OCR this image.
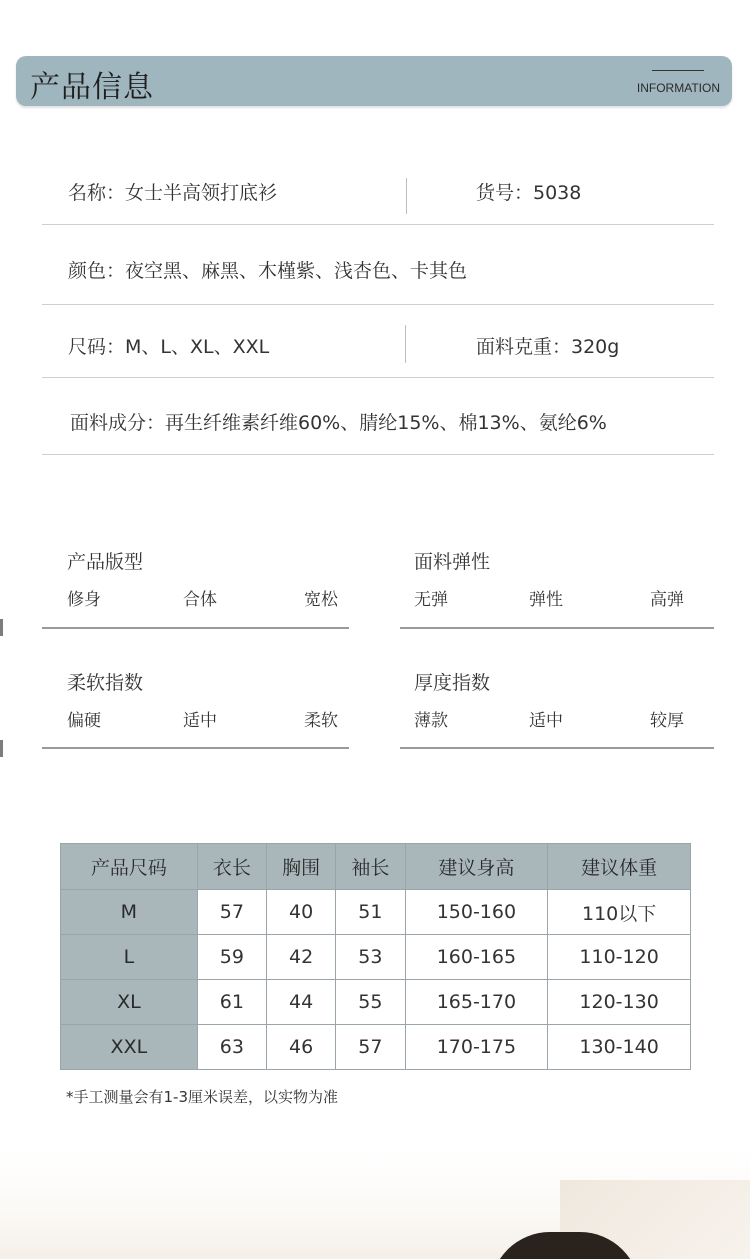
产品信息	INFORMATION
名称：女士半高领打底衫	货号：5038
颜色：夜空黑、麻黑、木槿紫、浅杏色、卡其色
尺码：M、L、XL、XXL	面料克重：320g
面料成分：再生纤维素纤维60%、腈纶15%、棉13%、氨纶6%
产品版型
修身	合体	宽松
面料弹性
无弹	弹性	高弹
柔软指数
偏硬	适中	柔软
厚度指数
薄款	适中	较厚
产品尺码	衣长	胸围	袖长	建议身高	建议体重
M	57	40	51	150-160	110以下
L	59	42	53	160-165	110-120
XL	61	44	55	165-170	120-130
XXL	63	46	57	170-175	130-140
*手工测量会有1-3厘米误差，以实物为准
